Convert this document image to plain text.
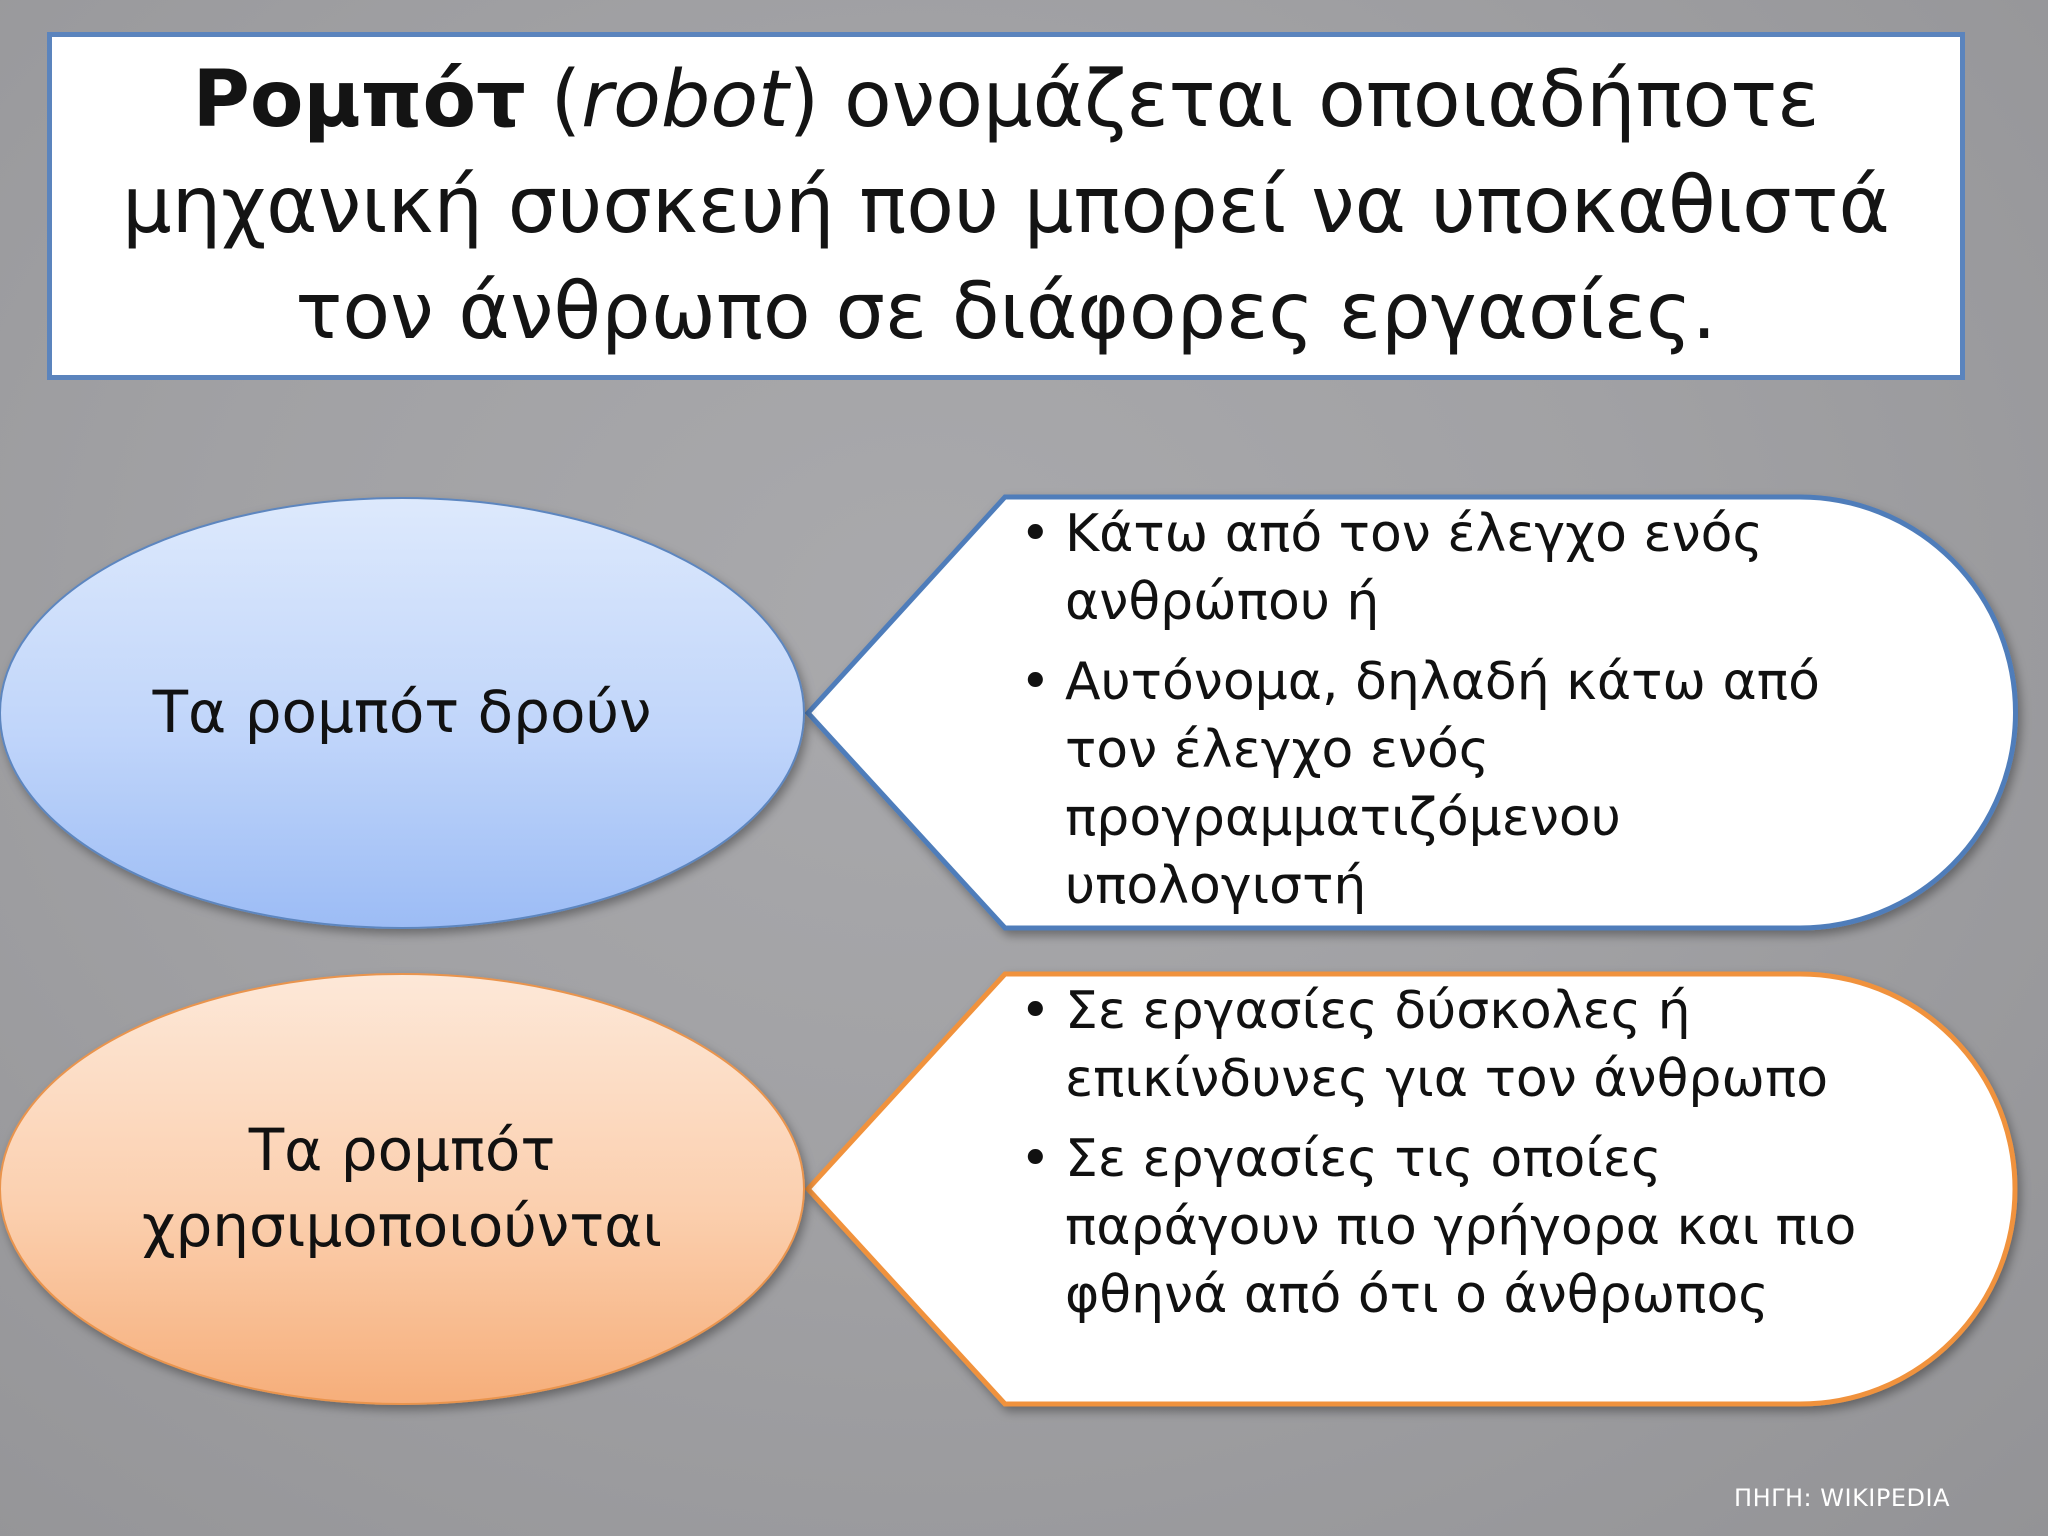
Ρομπότ (robot) ονομάζεται οποιαδήποτε
μηχανική συσκευή που μπορεί να υποκαθιστά
τον άνθρωπο σε διάφορες εργασίες.

Τα ρομπότ δρούν
Τα ρομπότ
χρησιμοποιούνται
• Κάτω από τον έλεγχο ενός ανθρώπου ή
• Αυτόνομα, δηλαδή κάτω από τον έλεγχο ενός προγραμματιζόμενου υπολογιστή
• Σε εργασίες δύσκολες ή επικίνδυνες για τον άνθρωπο
• Σε εργασίες τις οποίες παράγουν πιο γρήγορα και πιο φθηνά από ότι ο άνθρωπος
ΠΗΓΗ: WIKIPEDIA
